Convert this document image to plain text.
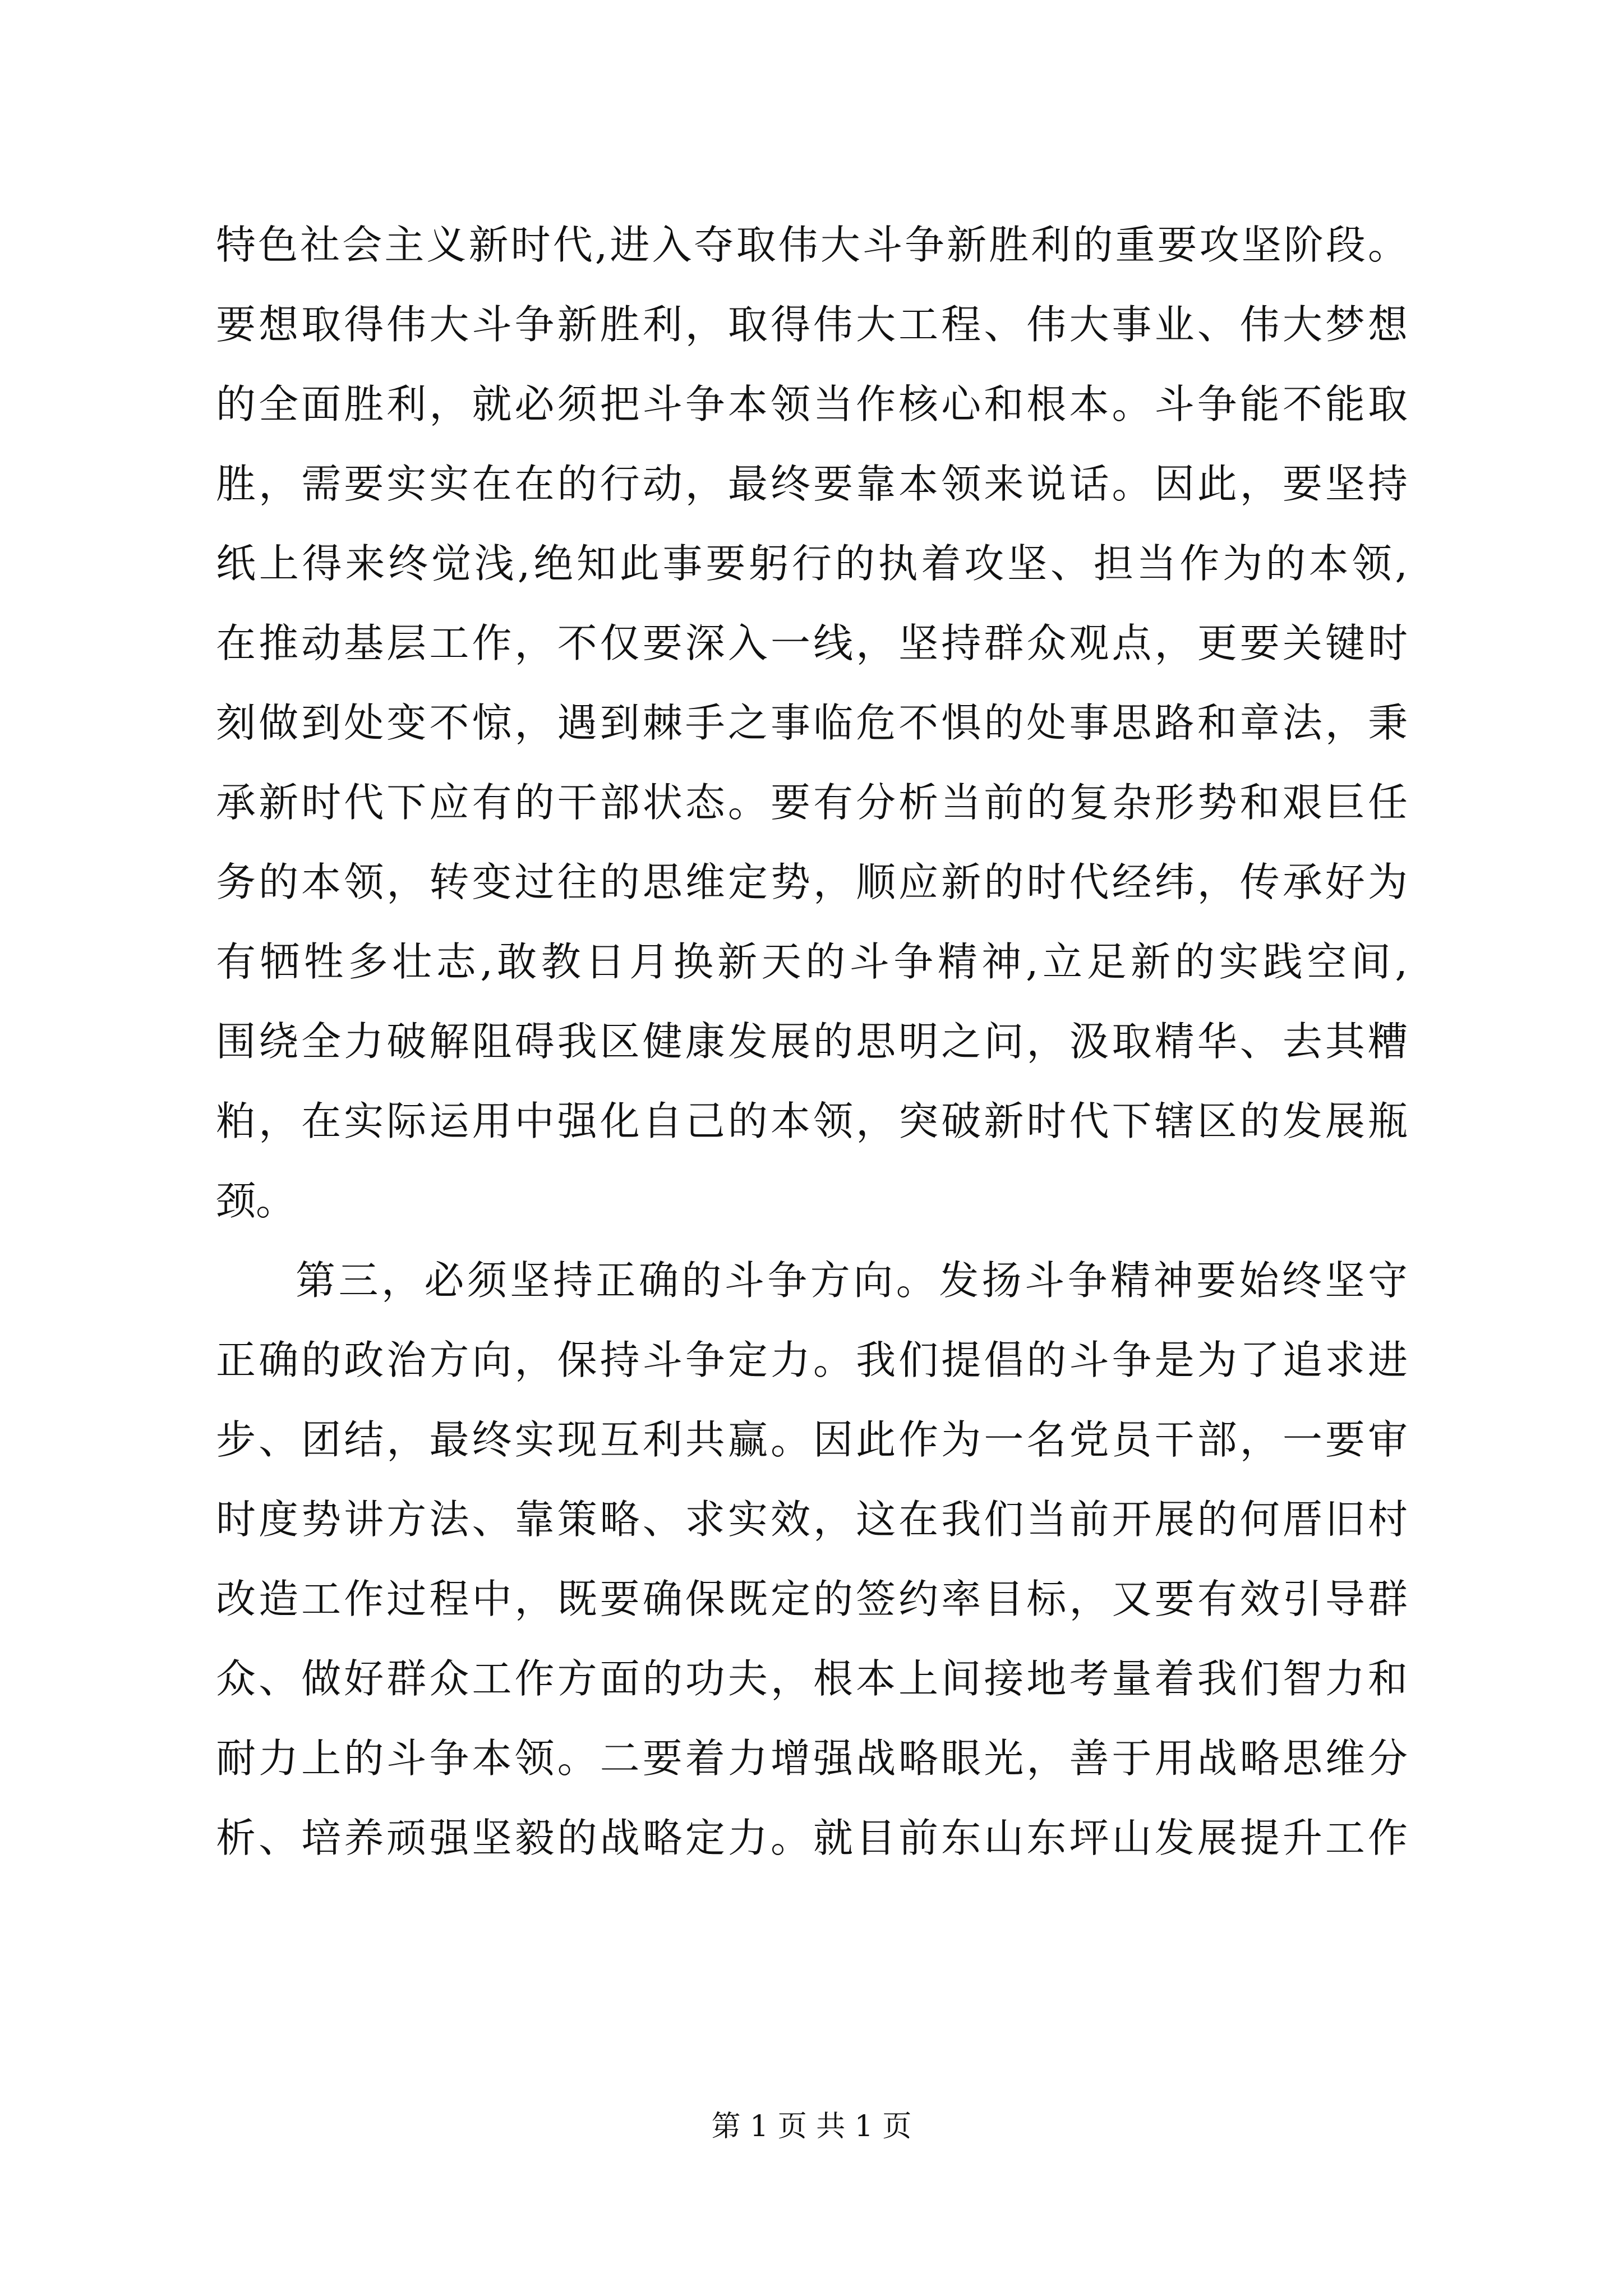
特色社会主义新时代,进入夺取伟大斗争新胜利的重要攻坚阶段。
要想取得伟大斗争新胜利，取得伟大工程、伟大事业、伟大梦想
的全面胜利，就必须把斗争本领当作核心和根本。斗争能不能取
胜，需要实实在在的行动，最终要靠本领来说话。因此，要坚持
纸上得来终觉浅,绝知此事要躬行的执着攻坚、担当作为的本领,
在推动基层工作，不仅要深入一线，坚持群众观点，更要关键时
刻做到处变不惊，遇到棘手之事临危不惧的处事思路和章法，秉
承新时代下应有的干部状态。要有分析当前的复杂形势和艰巨任
务的本领，转变过往的思维定势，顺应新的时代经纬，传承好为
有牺牲多壮志,敢教日月换新天的斗争精神,立足新的实践空间,
围绕全力破解阻碍我区健康发展的思明之问，汲取精华、去其糟
粕，在实际运用中强化自己的本领，突破新时代下辖区的发展瓶
颈。
第三，必须坚持正确的斗争方向。发扬斗争精神要始终坚守
正确的政治方向，保持斗争定力。我们提倡的斗争是为了追求进
步、团结，最终实现互利共赢。因此作为一名党员干部，一要审
时度势讲方法、靠策略、求实效，这在我们当前开展的何厝旧村
改造工作过程中，既要确保既定的签约率目标，又要有效引导群
众、做好群众工作方面的功夫，根本上间接地考量着我们智力和
耐力上的斗争本领。二要着力增强战略眼光，善于用战略思维分
析、培养顽强坚毅的战略定力。就目前东山东坪山发展提升工作
第 1 页 共 1 页
